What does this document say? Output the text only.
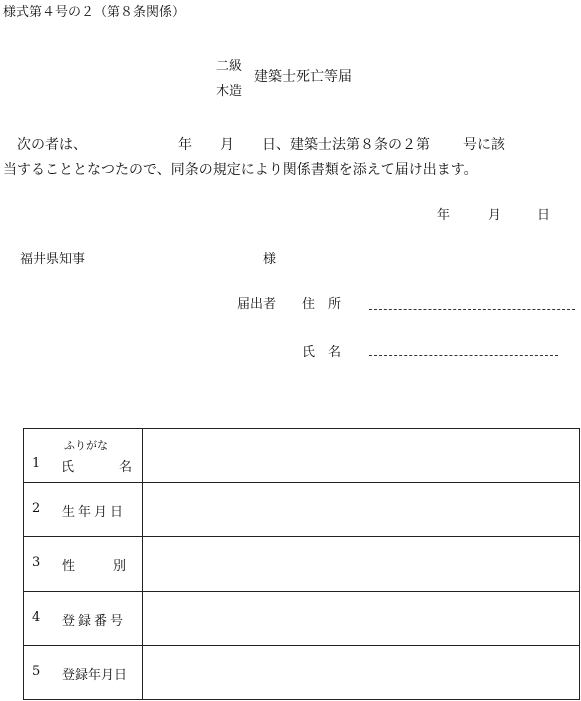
様式第４号の２（第８条関係）
二級
木造
建築士死亡等届
次の者は、	年 月 日、建築士法第８条の２第 号に該
当することとなつたので、同条の規定により関係書類を添えて届け出ます。
年	月	日
福井県知事	様
届出者 住　所
氏　名
ふりがな
1 氏 名	

2 生年月日	

3 性　　別	

4 登録番号	

5 登録年月日	
